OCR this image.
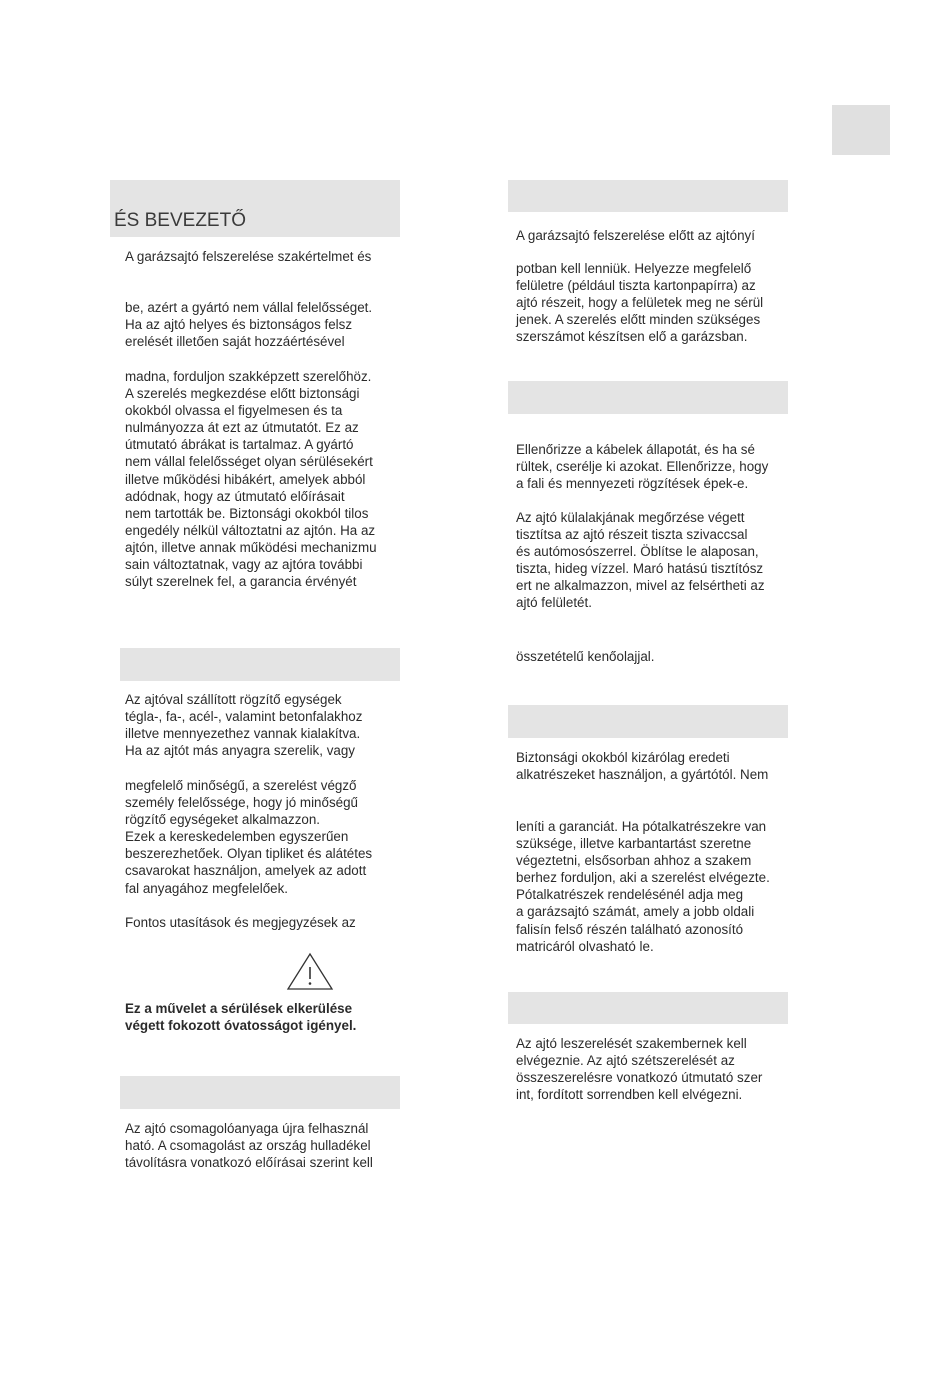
ÉS BEVEZETŐ

A garázsajtó felszerelése szakértelmet és

be, azért a gyártó nem vállal felelősséget.
Ha az ajtó helyes és biztonságos felsz
erelését illetően saját hozzáértésével

madna, forduljon szakképzett szerelőhöz.
A szerelés megkezdése előtt biztonsági
okokból olvassa el figyelmesen és ta
nulmányozza át ezt az útmutatót. Ez az
útmutató ábrákat is tartalmaz. A gyártó
nem vállal felelősséget olyan sérülésekért
illetve működési hibákért, amelyek abból
adódnak, hogy az útmutató előírásait
nem tartották be. Biztonsági okokból tilos
engedély nélkül változtatni az ajtón. Ha az
ajtón, illetve annak működési mechanizmu
sain változtatnak, vagy az ajtóra további
súlyt szerelnek fel, a garancia érvényét

Az ajtóval szállított rögzítő egységek
tégla-, fa-, acél-, valamint betonfalakhoz
illetve mennyezethez vannak kialakítva.
Ha az ajtót más anyagra szerelik, vagy

megfelelő minőségű, a szerelést végző
személy felelőssége, hogy jó minőségű
rögzítő egységeket alkalmazzon.
Ezek a kereskedelemben egyszerűen
beszerezhetőek. Olyan tipliket és alátétes
csavarokat használjon, amelyek az adott
fal anyagához megfelelőek.

Fontos utasítások és megjegyzések az

Ez a művelet a sérülések elkerülése
végett fokozott óvatosságot igényel.

Az ajtó csomagolóanyaga újra felhasznál
ható. A csomagolást az ország hulladékel
távolításra vonatkozó előírásai szerint kell

A garázsajtó felszerelése előtt az ajtónyí

potban kell lenniük. Helyezze megfelelő
felületre (például tiszta kartonpapírra) az
ajtó részeit, hogy a felületek meg ne sérül
jenek. A szerelés előtt minden szükséges
szerszámot készítsen elő a garázsban.

Ellenőrizze a kábelek állapotát, és ha sé
rültek, cserélje ki azokat. Ellenőrizze, hogy
a fali és mennyezeti rögzítések épek-e.

Az ajtó külalakjának megőrzése végett
tisztítsa az ajtó részeit tiszta szivaccsal
és autómosószerrel. Öblítse le alaposan,
tiszta, hideg vízzel. Maró hatású tisztítósz
ert ne alkalmazzon, mivel az felsértheti az
ajtó felületét.

összetételű kenőolajjal.

Biztonsági okokból kizárólag eredeti
alkatrészeket használjon, a gyártótól. Nem

leníti a garanciát. Ha pótalkatrészekre van
szüksége, illetve karbantartást szeretne
végeztetni, elsősorban ahhoz a szakem
berhez forduljon, aki a szerelést elvégezte.
Pótalkatrészek rendelésénél adja meg
a garázsajtó számát, amely a jobb oldali
falisín felső részén található azonosító
matricáról olvasható le.

Az ajtó leszerelését szakembernek kell
elvégeznie. Az ajtó szétszerelését az
összeszerelésre vonatkozó útmutató szer
int, fordított sorrendben kell elvégezni.
